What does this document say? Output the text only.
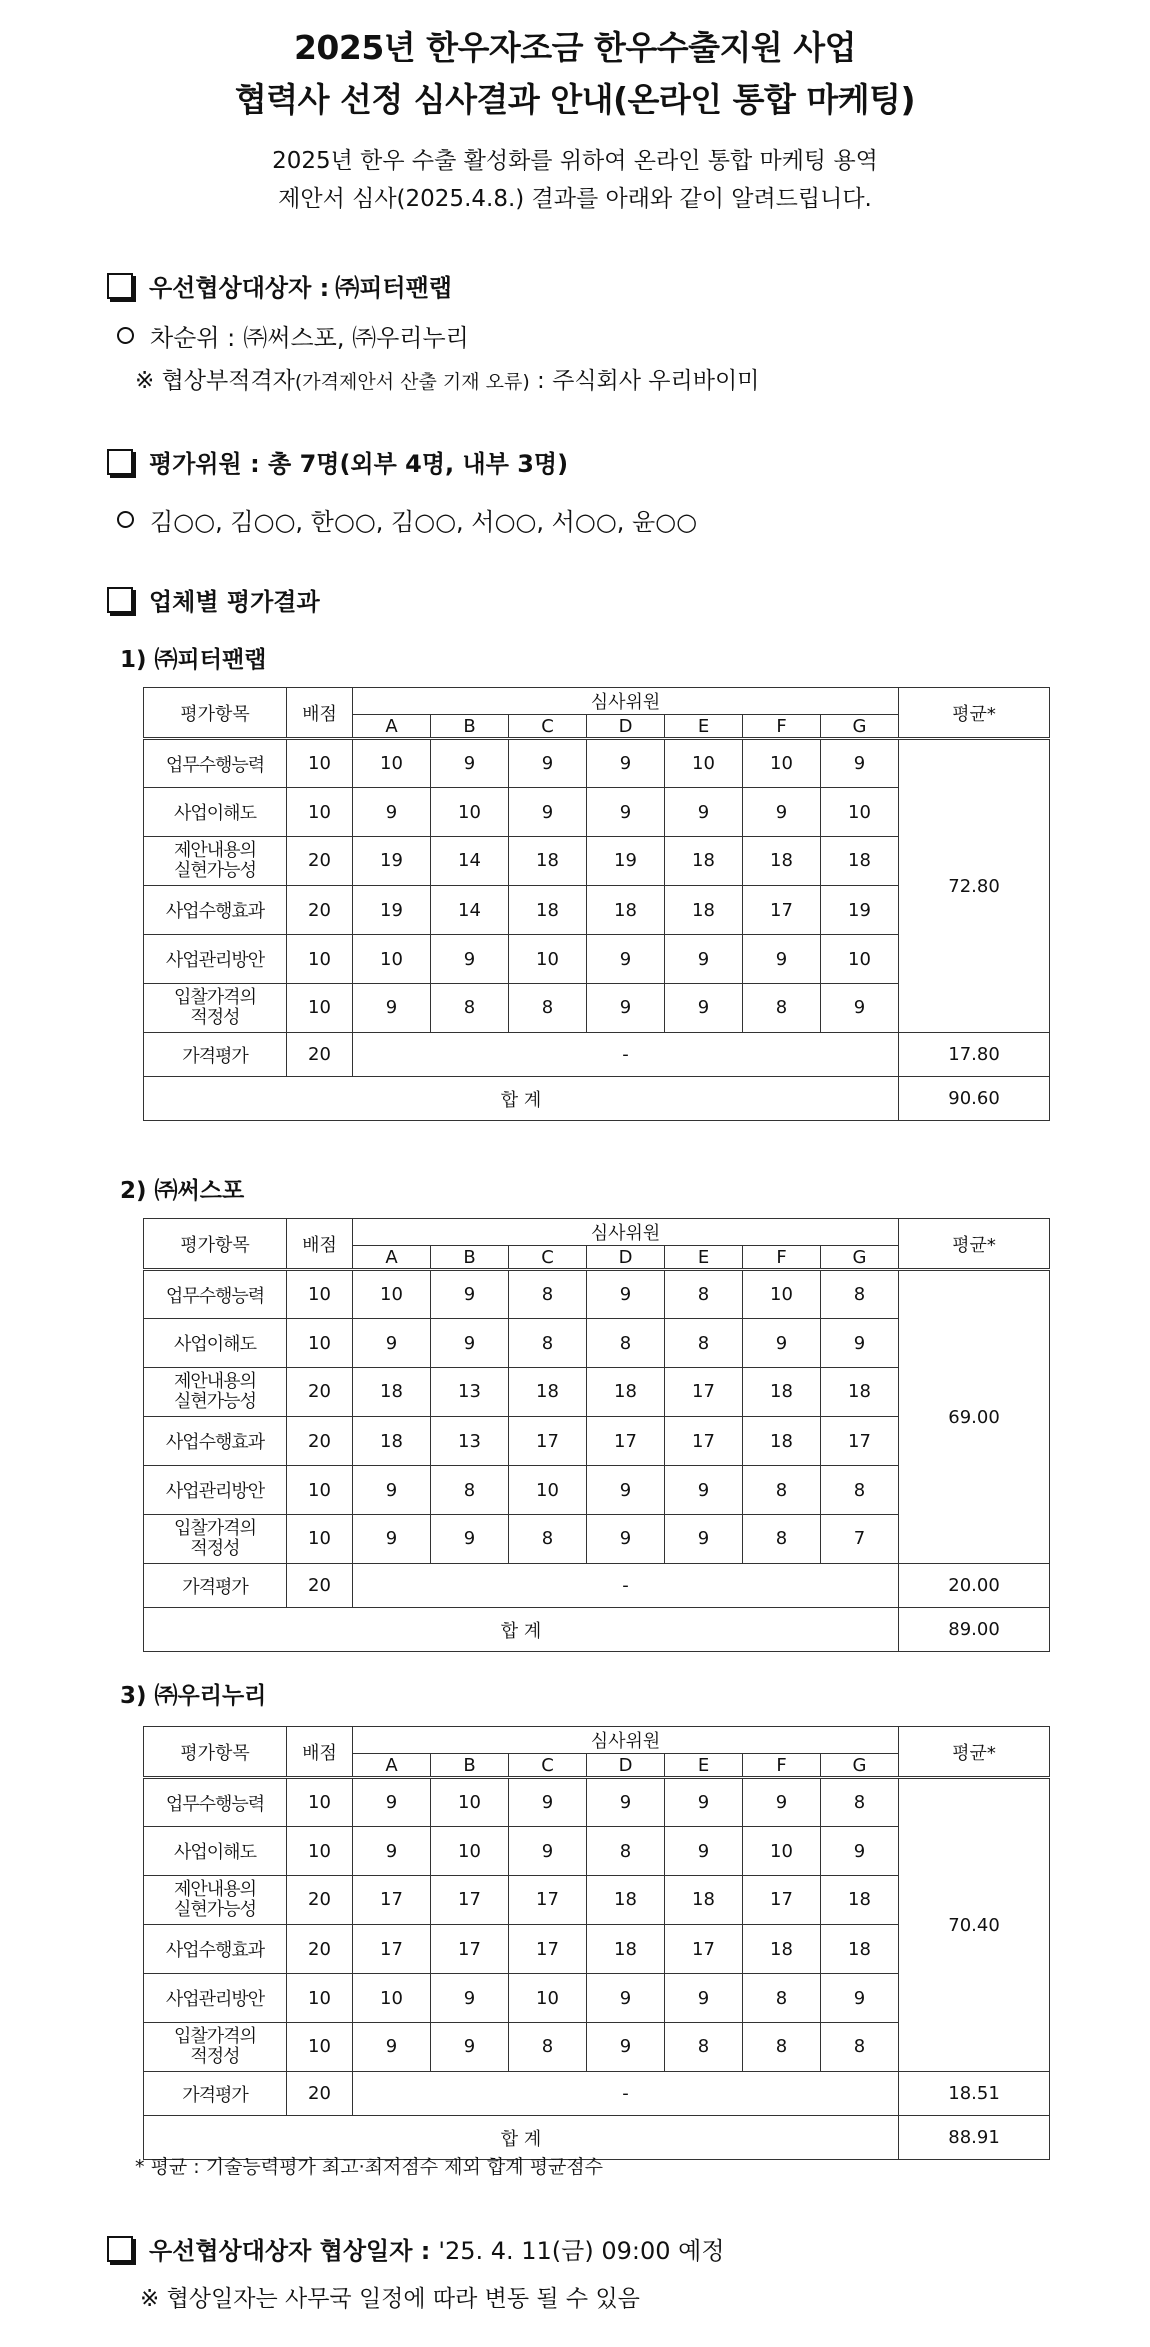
2025년 한우자조금 한우수출지원 사업
협력사 선정 심사결과 안내(온라인 통합 마케팅)
2025년 한우 수출 활성화를 위하여 온라인 통합 마케팅 용역
제안서 심사(2025.4.8.) 결과를 아래와 같이 알려드립니다.
우선협상대상자 : ㈜피터팬랩
차순위 : ㈜써스포, ㈜우리누리
※ 협상부적격자(가격제안서 산출 기재 오류) : 주식회사 우리바이미
평가위원 : 총 7명(외부 4명, 내부 3명)
김○○, 김○○, 한○○, 김○○, 서○○, 서○○, 윤○○
업체별 평가결과
1) ㈜피터팬랩
2) ㈜써스포
3) ㈜우리누리
평가항목	배점	심사위원							평균*
		A	B	C	D	E	F	G	
업무수행능력	10	10	9	9	9	10	10	9	72.80
사업이해도	10	9	10	9	9	9	9	10	
제안내용의
실현가능성	20	19	14	18	19	18	18	18	
사업수행효과	20	19	14	18	18	18	17	19	
사업관리방안	10	10	9	10	9	9	9	10	
입찰가격의
적정성	10	9	8	8	9	9	8	9	
가격평가	20	-							17.80
합 계									90.60
평가항목	배점	심사위원							평균*
		A	B	C	D	E	F	G	
업무수행능력	10	10	9	8	9	8	10	8	69.00
사업이해도	10	9	9	8	8	8	9	9	
제안내용의
실현가능성	20	18	13	18	18	17	18	18	
사업수행효과	20	18	13	17	17	17	18	17	
사업관리방안	10	9	8	10	9	9	8	8	
입찰가격의
적정성	10	9	9	8	9	9	8	7	
가격평가	20	-							20.00
합 계									89.00
평가항목	배점	심사위원							평균*
		A	B	C	D	E	F	G	
업무수행능력	10	9	10	9	9	9	9	8	70.40
사업이해도	10	9	10	9	8	9	10	9	
제안내용의
실현가능성	20	17	17	17	18	18	17	18	
사업수행효과	20	17	17	17	18	17	18	18	
사업관리방안	10	10	9	10	9	9	8	9	
입찰가격의
적정성	10	9	9	8	9	8	8	8	
가격평가	20	-							18.51
합 계									88.91
* 평균 : 기술능력평가 최고·최저점수 제외 합계 평균점수
우선협상대상자 협상일자 : '25. 4. 11(금) 09:00 예정
※ 협상일자는 사무국 일정에 따라 변동 될 수 있음
